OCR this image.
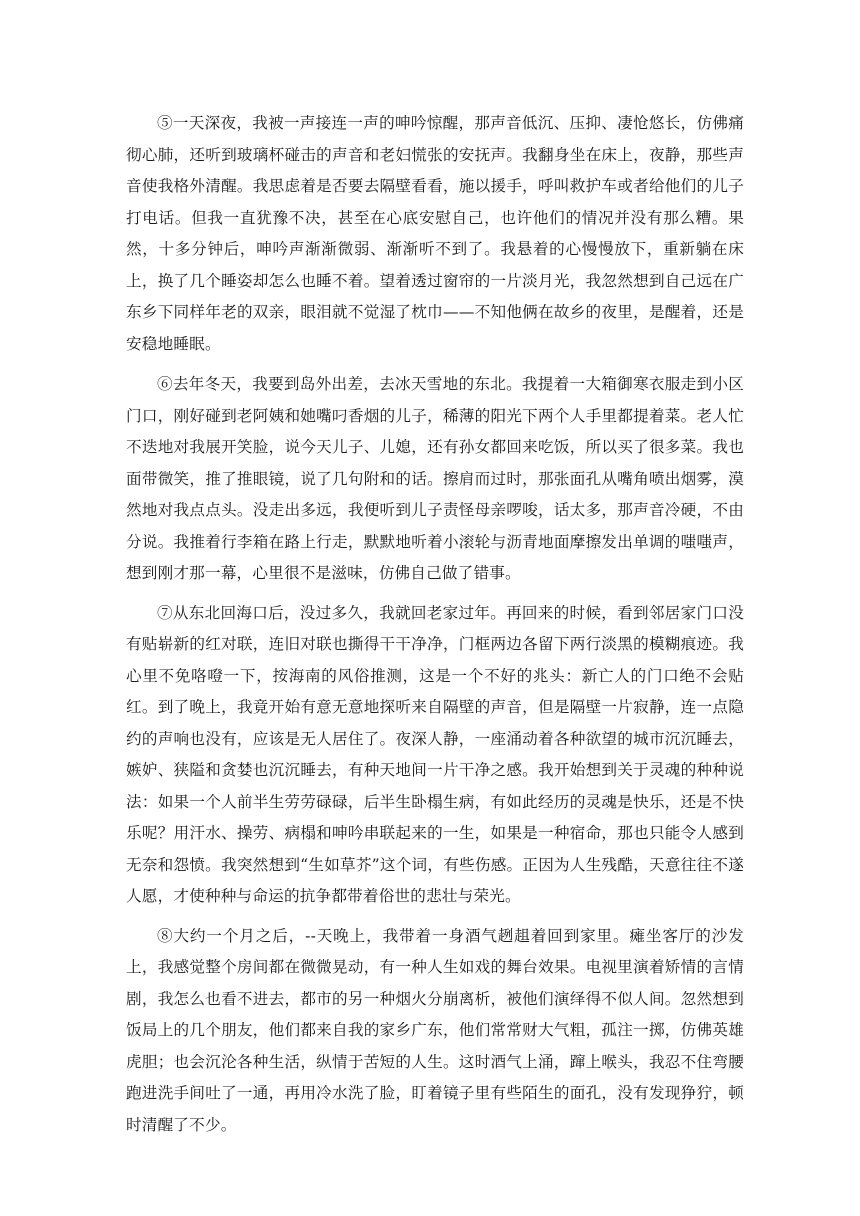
⑤一天深夜，我被一声接连一声的呻吟惊醒，那声音低沉、压抑、凄怆悠长，仿佛痛彻心肺，还听到玻璃杯碰击的声音和老妇慌张的安抚声。我翻身坐在床上，夜静，那些声音使我格外清醒。我思虑着是否要去隔壁看看，施以援手，呼叫救护车或者给他们的儿子打电话。但我一直犹豫不决，甚至在心底安慰自己，也许他们的情况并没有那么糟。果然，十多分钟后，呻吟声渐渐微弱、渐渐听不到了。我悬着的心慢慢放下，重新躺在床上，换了几个睡姿却怎么也睡不着。望着透过窗帘的一片淡月光，我忽然想到自己远在广东乡下同样年老的双亲，眼泪就不觉湿了枕巾——不知他俩在故乡的夜里，是醒着，还是安稳地睡眠。

⑥去年冬天，我要到岛外出差，去冰天雪地的东北。我提着一大箱御寒衣服走到小区门口，刚好碰到老阿姨和她嘴叼香烟的儿子，稀薄的阳光下两个人手里都提着菜。老人忙不迭地对我展开笑脸，说今天儿子、儿媳，还有孙女都回来吃饭，所以买了很多菜。我也面带微笑，推了推眼镜，说了几句附和的话。擦肩而过时，那张面孔从嘴角喷出烟雾，漠然地对我点点头。没走出多远，我便听到儿子责怪母亲啰唆，话太多，那声音冷硬，不由分说。我推着行李箱在路上行走，默默地听着小滚轮与沥青地面摩擦发出单调的嗤嗤声，想到刚才那一幕，心里很不是滋味，仿佛自己做了错事。

⑦从东北回海口后，没过多久，我就回老家过年。再回来的时候，看到邻居家门口没有贴崭新的红对联，连旧对联也撕得干干净净，门框两边各留下两行淡黑的模糊痕迹。我心里不免咯噔一下，按海南的风俗推测，这是一个不好的兆头：新亡人的门口绝不会贴红。到了晚上，我竟开始有意无意地探听来自隔壁的声音，但是隔壁一片寂静，连一点隐约的声响也没有，应该是无人居住了。夜深人静，一座涌动着各种欲望的城市沉沉睡去，嫉妒、狭隘和贪婪也沉沉睡去，有种天地间一片干净之感。我开始想到关于灵魂的种种说法：如果一个人前半生劳劳碌碌，后半生卧榻生病，有如此经历的灵魂是快乐，还是不快乐呢？用汗水、操劳、病榻和呻吟串联起来的一生，如果是一种宿命，那也只能令人感到无奈和怨愤。我突然想到“生如草芥”这个词，有些伤感。正因为人生残酷，天意往往不遂人愿，才使种种与命运的抗争都带着俗世的悲壮与荣光。

⑧大约一个月之后，--天晚上，我带着一身酒气趔趄着回到家里。瘫坐客厅的沙发上，我感觉整个房间都在微微晃动，有一种人生如戏的舞台效果。电视里演着矫情的言情剧，我怎么也看不进去，都市的另一种烟火分崩离析，被他们演绎得不似人间。忽然想到饭局上的几个朋友，他们都来自我的家乡广东，他们常常财大气粗，孤注一掷，仿佛英雄虎胆；也会沉沦各种生活，纵情于苦短的人生。这时酒气上涌，蹿上喉头，我忍不住弯腰跑进洗手间吐了一通，再用冷水洗了脸，盯着镜子里有些陌生的面孔，没有发现狰狞，顿时清醒了不少。
